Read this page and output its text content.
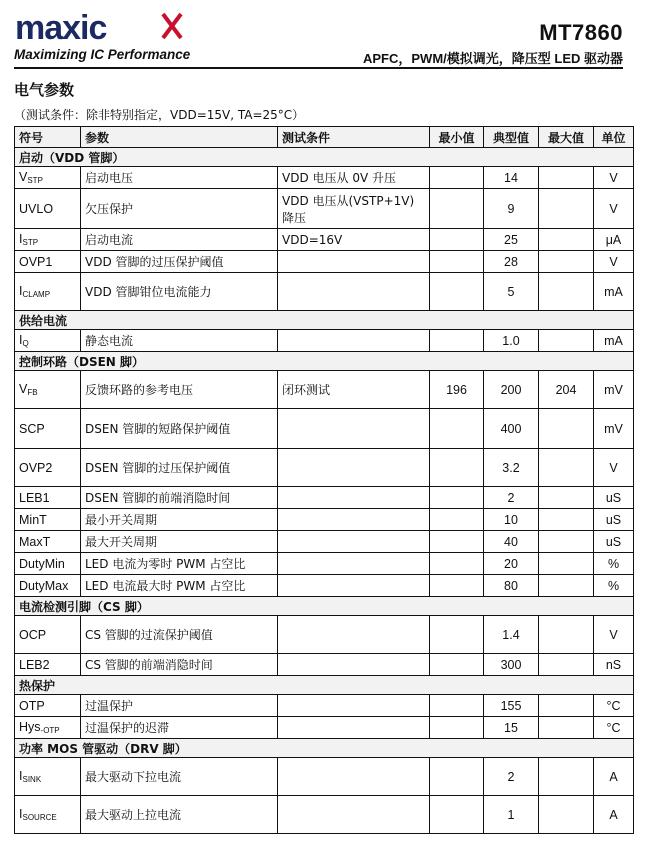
maxic
Maximizing IC Performance
MT7860
APFC，PWM/模拟调光，降压型 LED 驱动器
电气参数
（测试条件：除非特别指定，VDD=15V, TA=25°C）
符号	参数	测试条件	最小值	典型值	最大值	单位
启动（VDD 管脚）						
$V_{STP}$	启动电压	VDD 电压从 0V 升压		14		V
UVLO	欠压保护	VDD 电压从(VSTP+1V) 降压		9		V
$I_{STP}$	启动电流	VDD=16V		25		μA
OVP1	VDD 管脚的过压保护阈值			28		V
$I_{CLAMP}$	VDD 管脚钳位电流能力			5		mA
供给电流						
$I_Q$	静态电流			1.0		mA
控制环路（DSEN 脚）						
$V_{FB}$	反馈环路的参考电压	闭环测试	196	200	204	mV
SCP	DSEN 管脚的短路保护阈值			400		mV
OVP2	DSEN 管脚的过压保护阈值			3.2		V
LEB1	DSEN 管脚的前端消隐时间			2		uS
MinT	最小开关周期			10		uS
MaxT	最大开关周期			40		uS
DutyMin	LED 电流为零时 PWM 占空比			20		%
DutyMax	LED 电流最大时 PWM 占空比			80		%
电流检测引脚（CS 脚）						
OCP	CS 管脚的过流保护阈值			1.4		V
LEB2	CS 管脚的前端消隐时间			300		nS
热保护						
OTP	过温保护			155		°C
Hys$_{-OTP}$	过温保护的迟滞			15		°C
功率 MOS 管驱动（DRV 脚）						
$I_{SINK}$	最大驱动下拉电流			2		A
$I_{SOURCE}$	最大驱动上拉电流			1		A
